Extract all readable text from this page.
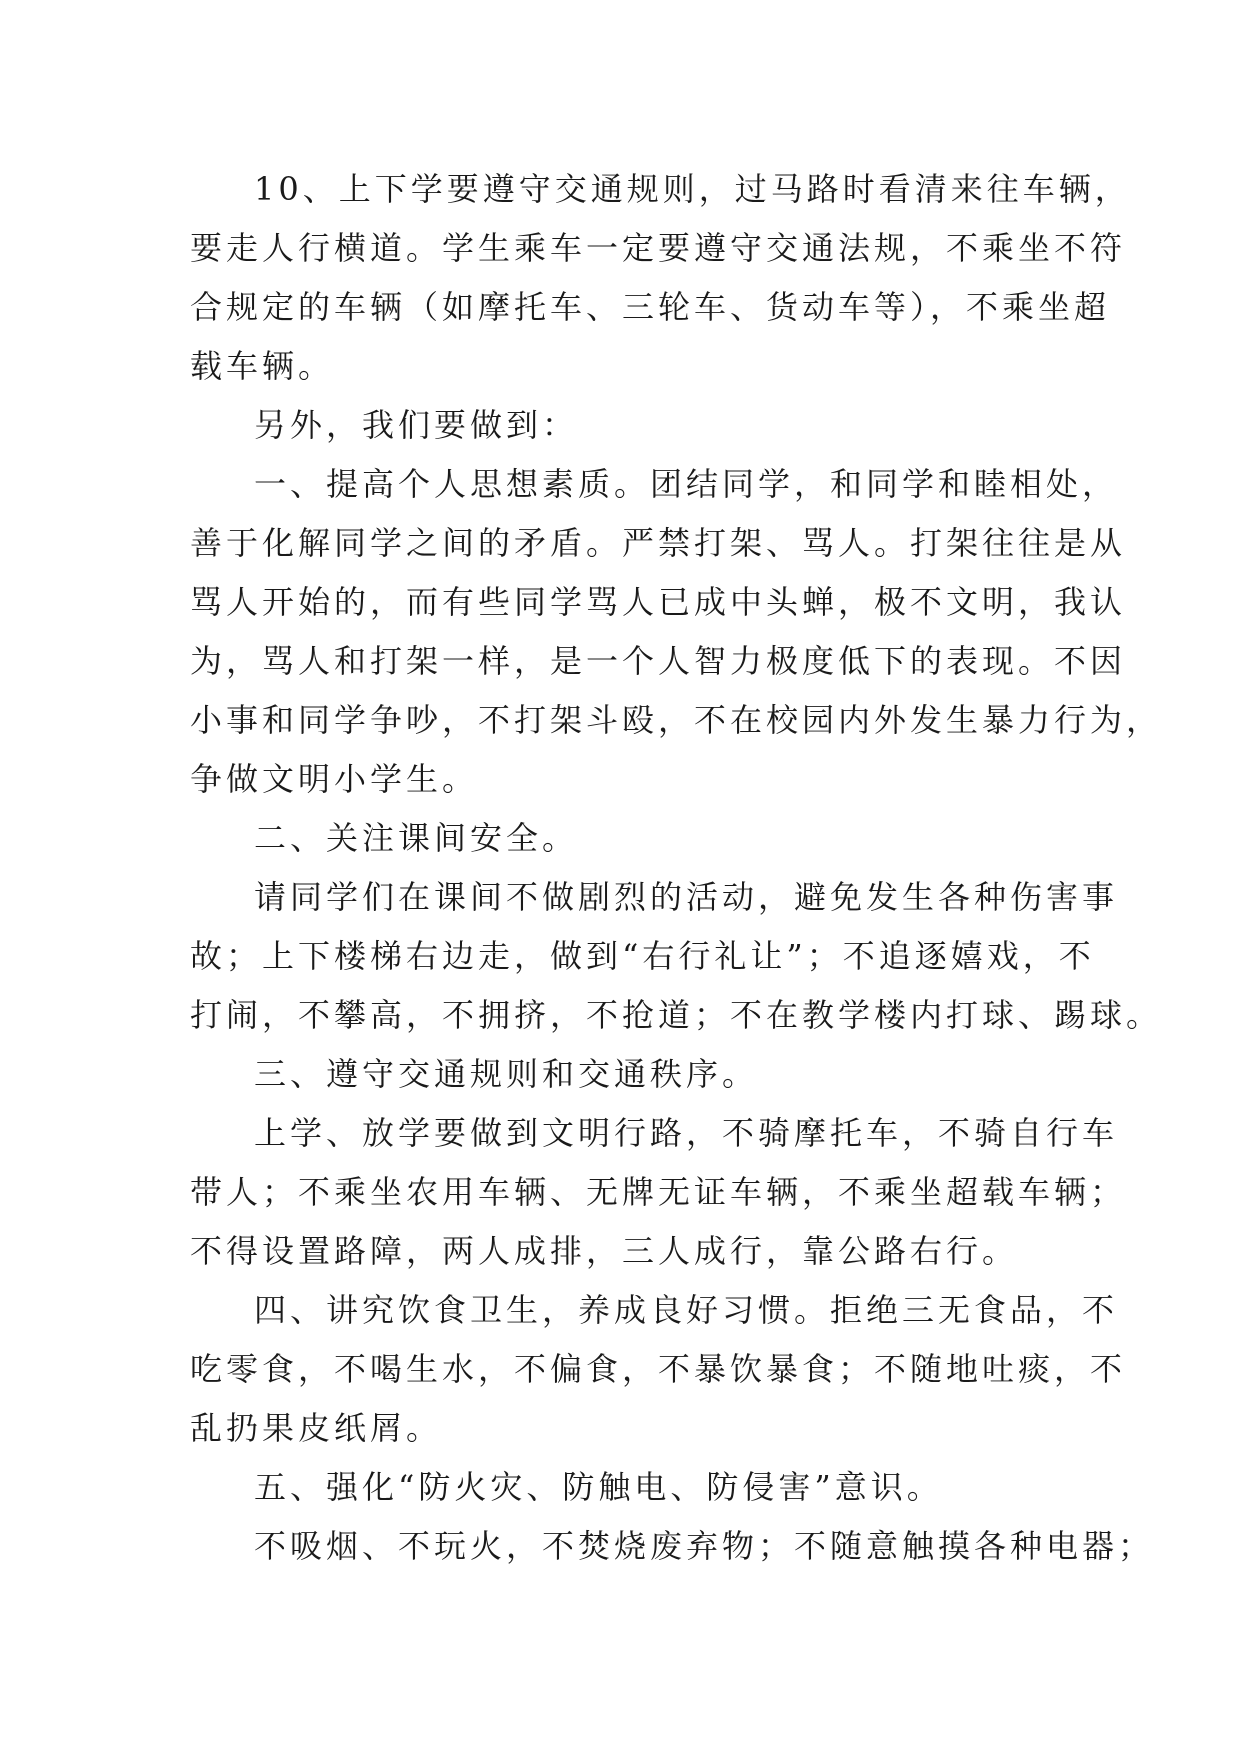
10、上下学要遵守交通规则，过马路时看清来往车辆，
要走人行横道。学生乘车一定要遵守交通法规，不乘坐不符
合规定的车辆（如摩托车、三轮车、货动车等），不乘坐超
载车辆。
另外，我们要做到：
一、提高个人思想素质。团结同学，和同学和睦相处，
善于化解同学之间的矛盾。严禁打架、骂人。打架往往是从
骂人开始的，而有些同学骂人已成中头蝉，极不文明，我认
为，骂人和打架一样，是一个人智力极度低下的表现。不因
小事和同学争吵，不打架斗殴，不在校园内外发生暴力行为，
争做文明小学生。
二、关注课间安全。
请同学们在课间不做剧烈的活动，避免发生各种伤害事
故；上下楼梯右边走，做到“右行礼让”；不追逐嬉戏，不
打闹，不攀高，不拥挤，不抢道；不在教学楼内打球、踢球。
三、遵守交通规则和交通秩序。
上学、放学要做到文明行路，不骑摩托车，不骑自行车
带人；不乘坐农用车辆、无牌无证车辆，不乘坐超载车辆；
不得设置路障，两人成排，三人成行，靠公路右行。
四、讲究饮食卫生，养成良好习惯。拒绝三无食品，不
吃零食，不喝生水，不偏食，不暴饮暴食；不随地吐痰，不
乱扔果皮纸屑。
五、强化“防火灾、防触电、防侵害”意识。
不吸烟、不玩火，不焚烧废弃物；不随意触摸各种电器；
